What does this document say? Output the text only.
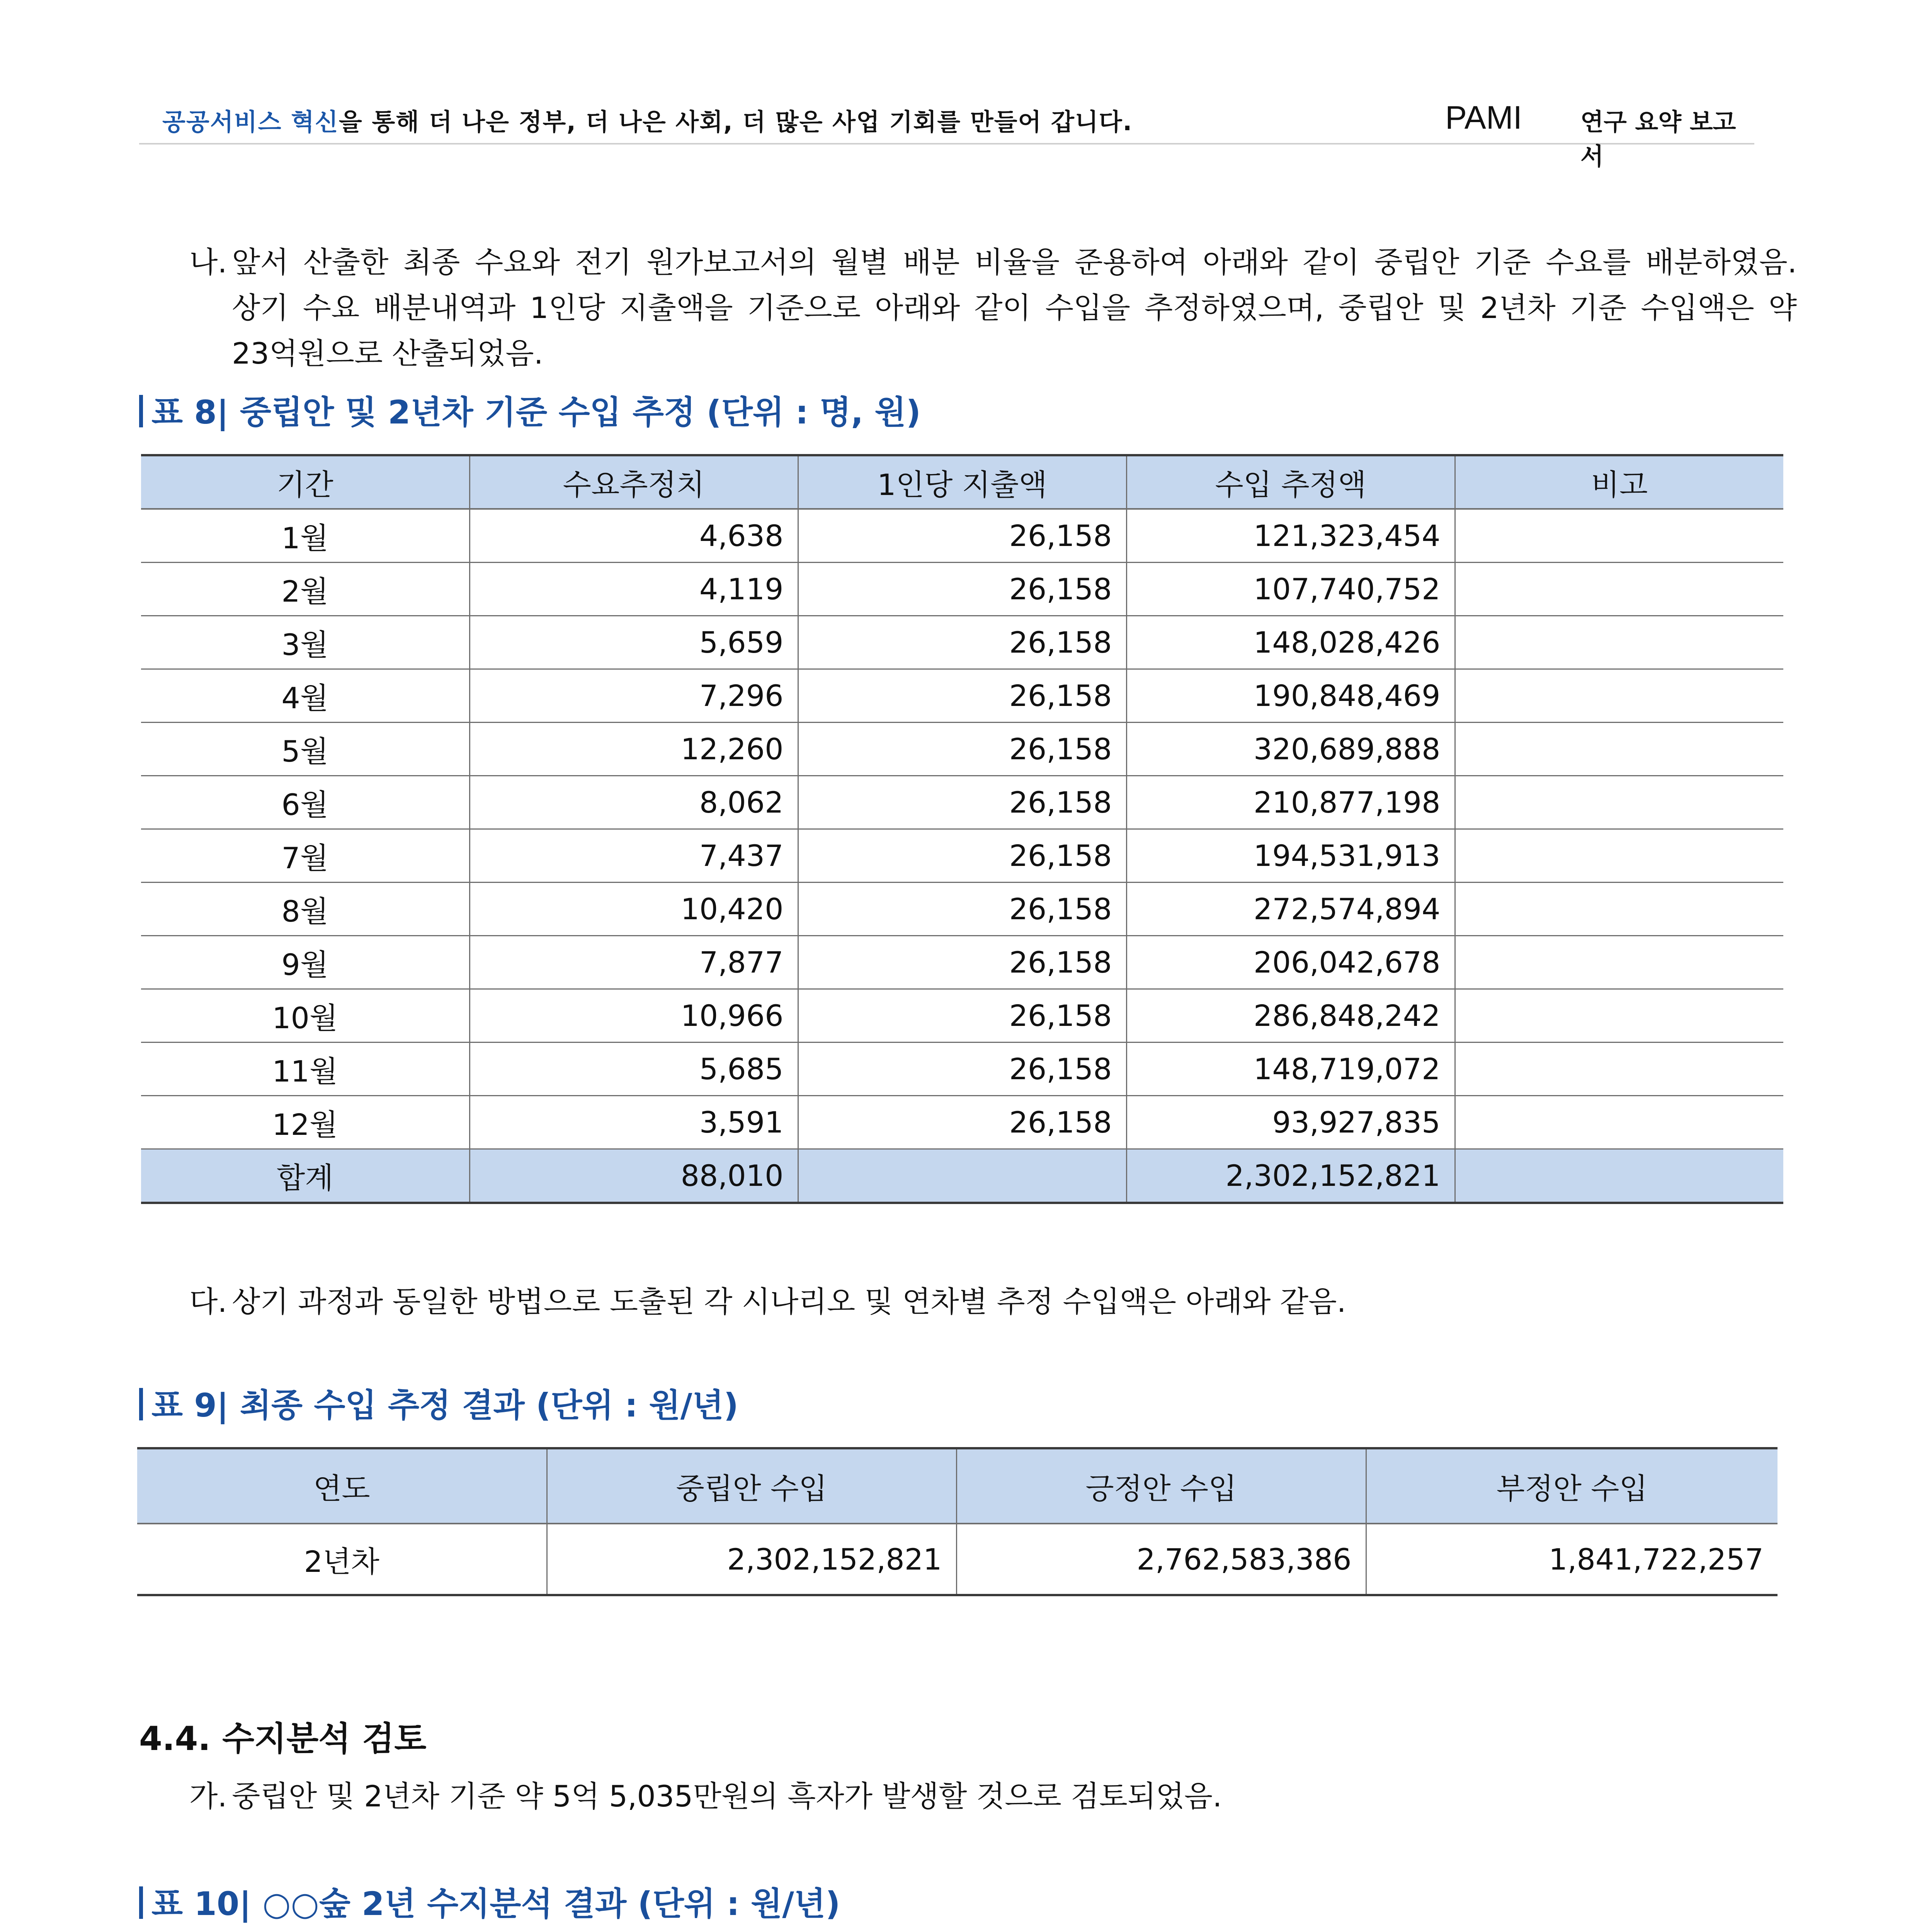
공공서비스 혁신을 통해 더 나은 정부, 더 나은 사회, 더 많은 사업 기회를 만들어 갑니다.	PAMI 연구 요약 보고서
나. 앞서 산출한 최종 수요와 전기 원가보고서의 월별 배분 비율을 준용하여 아래와 같이 중립안 기준 수요를 배분하였음.
상기 수요 배분내역과 1인당 지출액을 기준으로 아래와 같이 수입을 추정하였으며, 중립안 및 2년차 기준 수입액은 약
23억원으로 산출되었음.
표 8| 중립안 및 2년차 기준 수입 추정 (단위 : 명, 원)
기간	수요추정치	1인당 지출액	수입 추정액	비고
1월	4,638	26,158	121,323,454	
2월	4,119	26,158	107,740,752	
3월	5,659	26,158	148,028,426	
4월	7,296	26,158	190,848,469	
5월	12,260	26,158	320,689,888	
6월	8,062	26,158	210,877,198	
7월	7,437	26,158	194,531,913	
8월	10,420	26,158	272,574,894	
9월	7,877	26,158	206,042,678	
10월	10,966	26,158	286,848,242	
11월	5,685	26,158	148,719,072	
12월	3,591	26,158	93,927,835	
합계	88,010		2,302,152,821	
다. 상기 과정과 동일한 방법으로 도출된 각 시나리오 및 연차별 추정 수입액은 아래와 같음.
표 9| 최종 수입 추정 결과 (단위 : 원/년)
연도	중립안 수입	긍정안 수입	부정안 수입
2년차	2,302,152,821	2,762,583,386	1,841,722,257
4.4. 수지분석 검토
가. 중립안 및 2년차 기준 약 5억 5,035만원의 흑자가 발생할 것으로 검토되었음.
표 10| ○○숲 2년 수지분석 결과 (단위 : 원/년)
